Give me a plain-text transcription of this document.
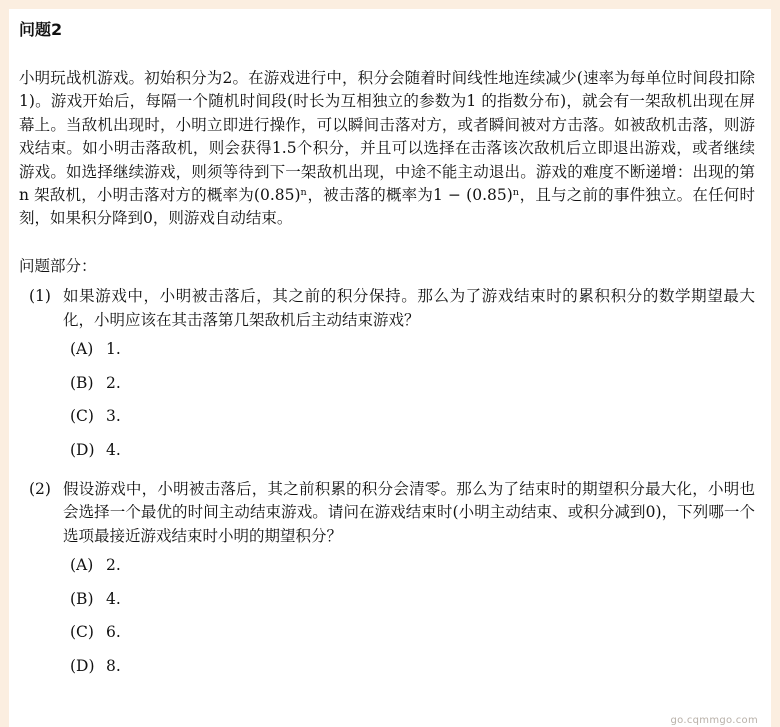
问题2

小明玩战机游戏。初始积分为2。在游戏进行中，积分会随着时间线性地连续减少(速率为每单位时间段扣除1)。游戏开始后，每隔一个随机时间段(时长为互相独立的参数为1 的指数分布)，就会有一架敌机出现在屏幕上。当敌机出现时，小明立即进行操作，可以瞬间击落对方，或者瞬间被对方击落。如被敌机击落，则游戏结束。如小明击落敌机，则会获得1.5个积分，并且可以选择在击落该次敌机后立即退出游戏，或者继续游戏。如选择继续游戏，则须等待到下一架敌机出现，中途不能主动退出。游戏的难度不断递增：出现的第n 架敌机，小明击落对方的概率为(0.85)ⁿ，被击落的概率为1 − (0.85)ⁿ，且与之前的事件独立。在任何时刻，如果积分降到0，则游戏自动结束。

问题部分：
(1) 如果游戏中，小明被击落后，其之前的积分保持。那么为了游戏结束时的累积积分的数学期望最大化，小明应该在其击落第几架敌机后主动结束游戏？
(A) 1.
(B) 2.
(C) 3.
(D) 4.
(2) 假设游戏中，小明被击落后，其之前积累的积分会清零。那么为了结束时的期望积分最大化，小明也会选择一个最优的时间主动结束游戏。请问在游戏结束时(小明主动结束、或积分减到0)，下列哪一个选项最接近游戏结束时小明的期望积分？
(A) 2.
(B) 4.
(C) 6.
(D) 8.
go.cqmmgo.com
